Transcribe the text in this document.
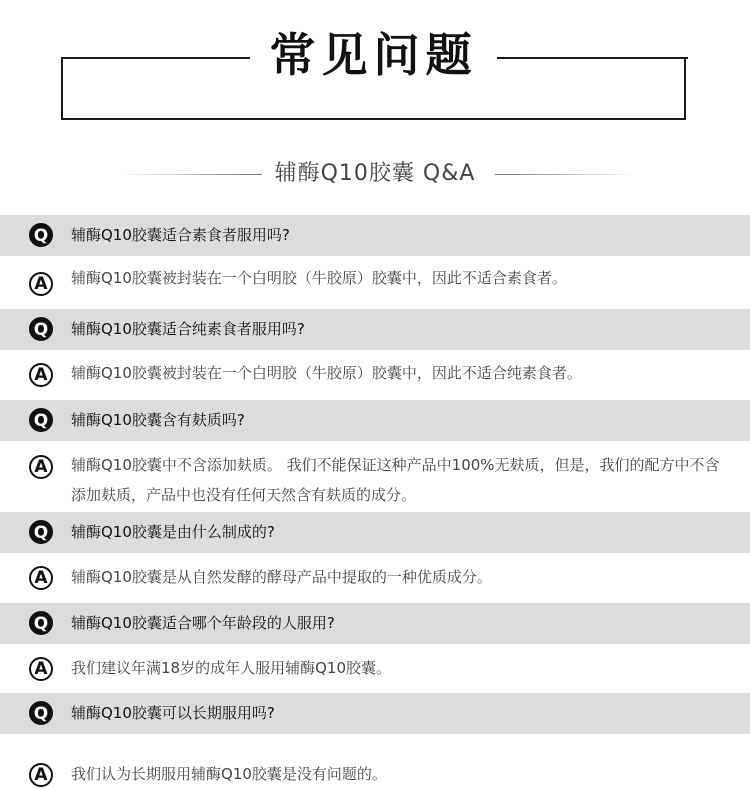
常见问题
辅酶Q10胶囊 Q&A
Q	辅酶Q10胶囊适合素食者服用吗?
A	辅酶Q10胶囊被封装在一个白明胶（牛胶原）胶囊中，因此不适合素食者。
Q	辅酶Q10胶囊适合纯素食者服用吗?
A	辅酶Q10胶囊被封装在一个白明胶（牛胶原）胶囊中，因此不适合纯素食者。
Q	辅酶Q10胶囊含有麸质吗?
A	辅酶Q10胶囊中不含添加麸质。 我们不能保证这种产品中100%无麸质，但是，我们的配方中不含添加麸质，产品中也没有任何天然含有麸质的成分。
Q	辅酶Q10胶囊是由什么制成的?
A	辅酶Q10胶囊是从自然发酵的酵母产品中提取的一种优质成分。
Q	辅酶Q10胶囊适合哪个年龄段的人服用?
A	我们建议年满18岁的成年人服用辅酶Q10胶囊。
Q	辅酶Q10胶囊可以长期服用吗?
A	我们认为长期服用辅酶Q10胶囊是没有问题的。
